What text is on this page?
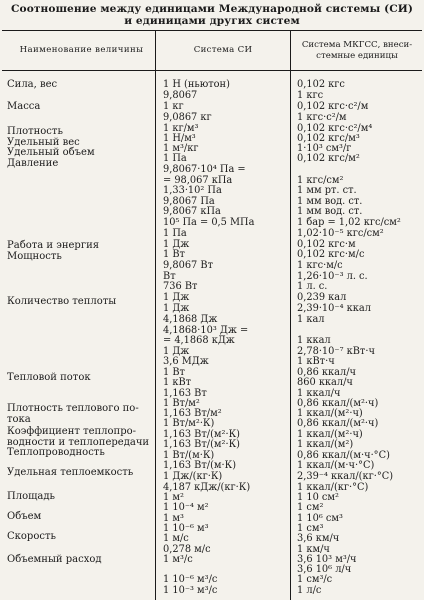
Соотношение между единицами Международной системы (СИ)
и единицами других систем
Наименование величины	Система СИ	Система МКГСС, внеси-
стемные единицы
Сила, вес
Масса
Плотность
Удельный вес
Удельный объем
Давление
Работа и энергия
Мощность
Количество теплоты
Тепловой поток
Плотность теплового по-
тока
Коэффициент теплопро-
водности и теплопередачи
Теплопроводность
Удельная теплоемкость
Площадь
Объем
Скорость
Объемный расход
1 Н (ньютон)
9,8067
1 кг
9,0867 кг
1 кг/м³
1 Н/м³
1 м³/кг
1 Па
9,8067·10⁴ Па =
= 98,067 кПа
1,33·10² Па
9,8067 Па
9,8067 кПа
10⁵ Па = 0,5 МПа
1 Па
1 Дж
1 Вт
9,8067 Вт
Вт
736 Вт
1 Дж
1 Дж
4,1868 Дж
4,1868·10³ Дж =
= 4,1868 кДж
1 Дж
3,6 МДж
1 Вт
1 кВт
1,163 Вт
1 Вт/м²
1,163 Вт/м²
1 Вт/м²·К)
1,163 Вт/(м²·К)
1,163 Вт/(м²·К)
1 Вт/(м·К)
1,163 Вт/(м·К)
1 Дж/(кг·К)
4,187 кДж/(кг·К)
1 м²
1 10⁻⁴ м²
1 м³
1 10⁻⁶ м³
1 м/с
0,278 м/с
1 м³/с
1 10⁻⁶ м³/с
1 10⁻³ м³/с
0,102 кгс
1 кгс
0,102 кгс·с²/м
1 кгс·с²/м
0,102 кгс·с²/м⁴
0,102 кгс/м³
1·10³ см³/г
0,102 кгс/м²
1 кгс/см²
1 мм рт. ст.
1 мм вод. ст.
1 мм вод. ст.
1 бар = 1,02 кгс/см²
1,02·10⁻⁵ кгс/см²
0,102 кгс·м
0,102 кгс·м/с
1 кгс·м/с
1,26·10⁻³ л. с.
1 л. с.
0,239 кал
2,39·10⁻⁴ ккал
1 кал
1 ккал
2,78·10⁻⁷ кВт·ч
1 кВт·ч
0,86 ккал/ч
860 ккал/ч
1 ккал/ч
0,86 ккал/(м²·ч)
1 ккал/(м²·ч)
0,86 ккал/(м²·ч)
1 ккал/(м²·ч)
1 ккал/(м²)
0,86 ккал/(м·ч·°С)
1 ккал/(м·ч·°С)
2,39⁻⁴ ккал/(кг·°С)
1 ккал/(кг·°С)
1 10 см²
1 см²
1 10⁶ см³
1 см³
3,6 км/ч
1 км/ч
3,6 10³ м³/ч
3,6 10⁶ л/ч
1 см³/с
1 л/с
